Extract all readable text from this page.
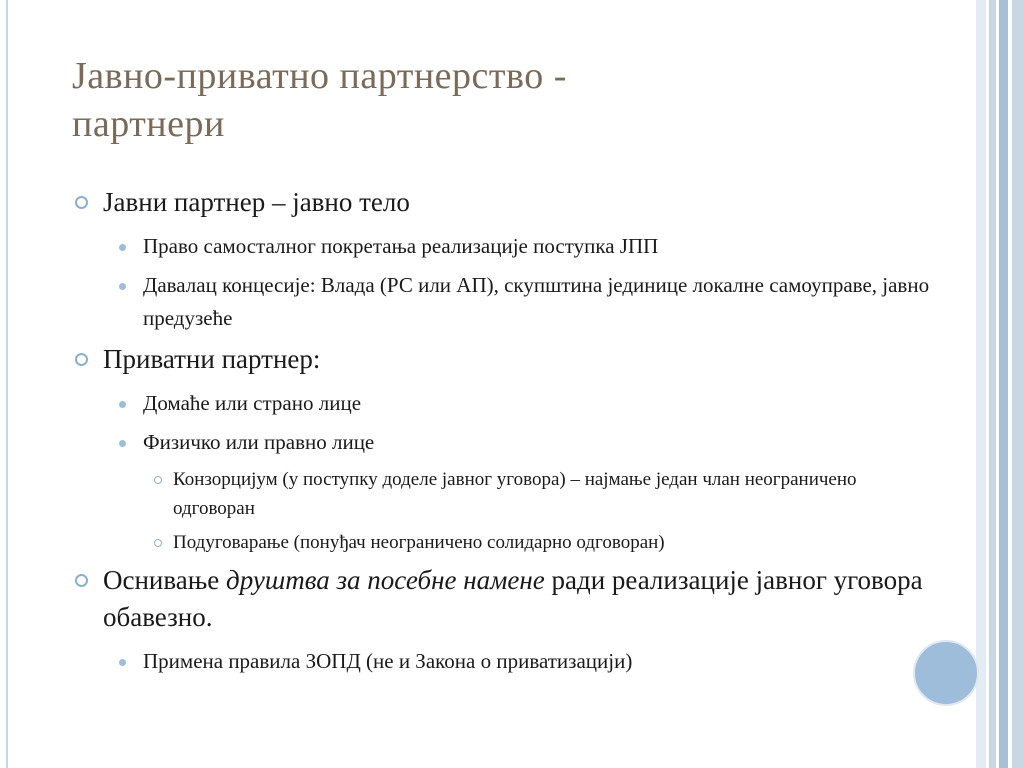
Јавно-приватно партнерство -
партнери
Јавни партнер – јавно тело
Право самосталног покретања реализације поступка ЈПП
Давалац концесије: Влада (РС или АП), скупштина јединице локалне самоуправе, јавно предузеће
Приватни партнер:
Домаће или страно лице
Физичко или правно лице
Конзорцијум (у поступку доделе јавног уговора) – најмање један члан неограничено одговоран
Подуговарање (понуђач неограничено солидарно одговоран)
Оснивање друштва за посебне намене ради реализације јавног уговора обавезно.
Примена правила ЗОПД (не и Закона о приватизацији)
